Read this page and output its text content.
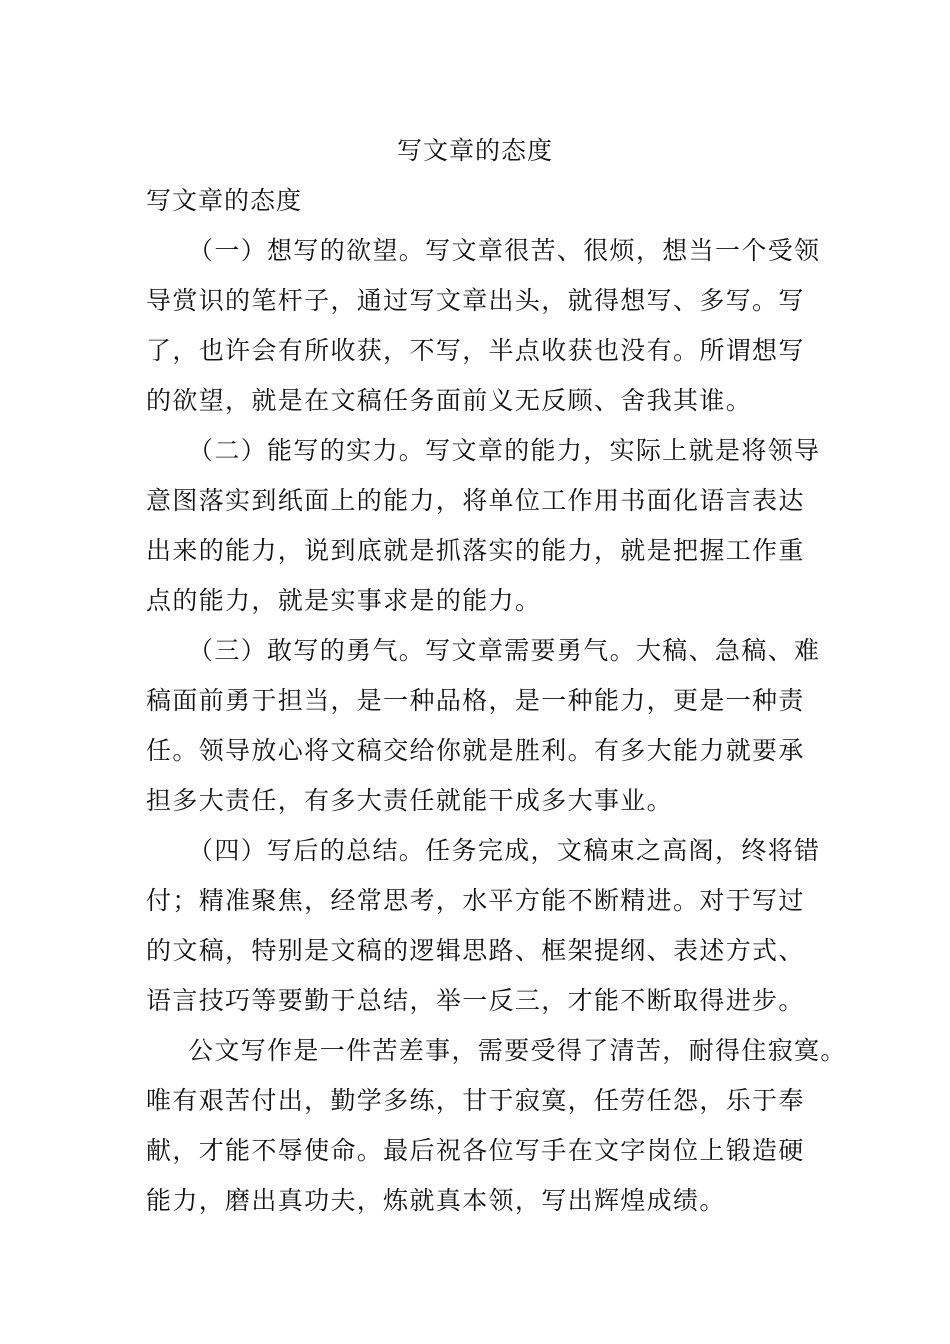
写文章的态度
写文章的态度
（一）想写的欲望。写文章很苦、很烦，想当一个受领
导赏识的笔杆子，通过写文章出头，就得想写、多写。写
了，也许会有所收获，不写，半点收获也没有。所谓想写
的欲望，就是在文稿任务面前义无反顾、舍我其谁。
（二）能写的实力。写文章的能力，实际上就是将领导
意图落实到纸面上的能力，将单位工作用书面化语言表达
出来的能力，说到底就是抓落实的能力，就是把握工作重
点的能力，就是实事求是的能力。
（三）敢写的勇气。写文章需要勇气。大稿、急稿、难
稿面前勇于担当，是一种品格，是一种能力，更是一种责
任。领导放心将文稿交给你就是胜利。有多大能力就要承
担多大责任，有多大责任就能干成多大事业。
（四）写后的总结。任务完成，文稿束之高阁，终将错
付；精准聚焦，经常思考，水平方能不断精进。对于写过
的文稿，特别是文稿的逻辑思路、框架提纲、表述方式、
语言技巧等要勤于总结，举一反三，才能不断取得进步。
公文写作是一件苦差事，需要受得了清苦，耐得住寂寞。
唯有艰苦付出，勤学多练，甘于寂寞，任劳任怨，乐于奉
献，才能不辱使命。最后祝各位写手在文字岗位上锻造硬
能力，磨出真功夫，炼就真本领，写出辉煌成绩。
